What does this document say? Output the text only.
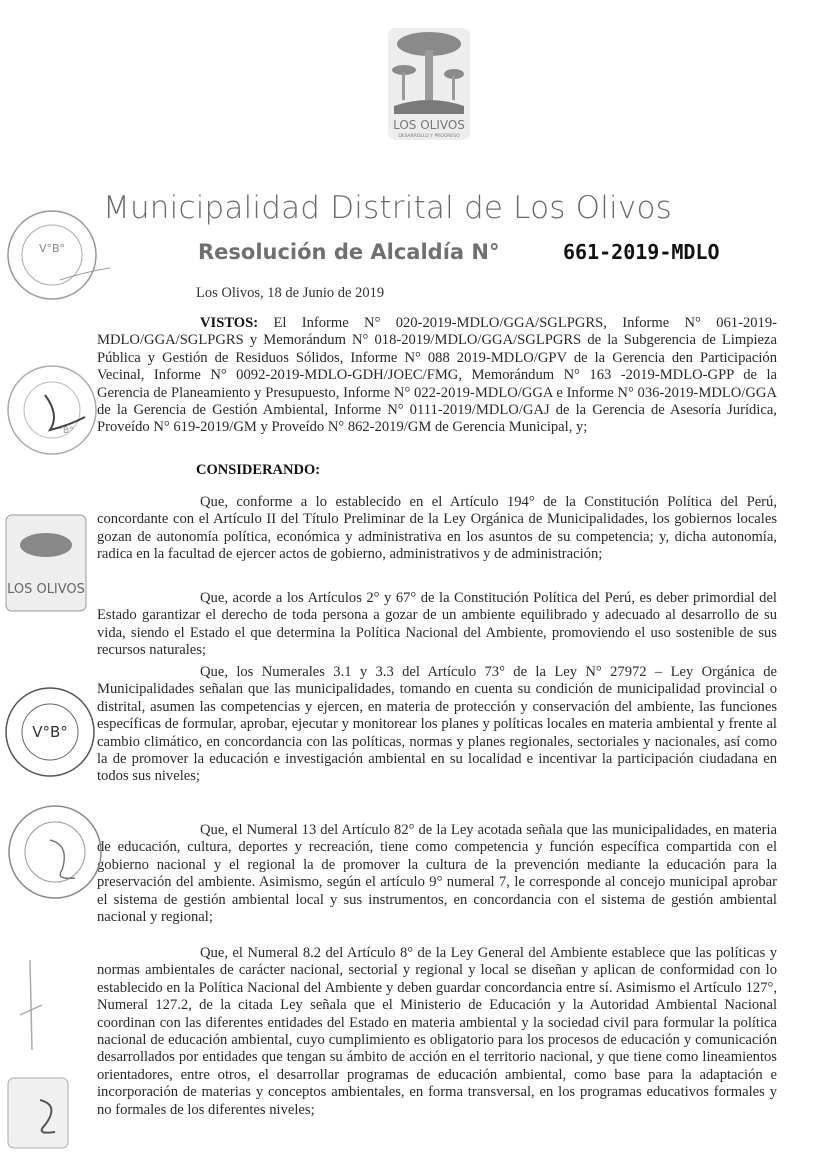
LOS OLIVOS
DESARROLLO Y PROGRESO
Municipalidad Distrital de Los Olivos
Resolución de Alcaldía N°	661-2019-MDLO
Los Olivos, 18 de Junio de 2019
VISTOS: El Informe N° 020-2019-MDLO/GGA/SGLPGRS, Informe N° 061-2019-MDLO/GGA/SGLPGRS y Memorándum N° 018-2019/MDLO/GGA/SGLPGRS de la Subgerencia de Limpieza Pública y Gestión de Residuos Sólidos, Informe N° 088 2019-MDLO/GPV de la Gerencia den Participación Vecinal, Informe N° 0092-2019-MDLO-GDH/JOEC/FMG, Memorándum N° 163 -2019-MDLO-GPP de la Gerencia de Planeamiento y Presupuesto, Informe N° 022-2019-MDLO/GGA e Informe N° 036-2019-MDLO/GGA de la Gerencia de Gestión Ambiental, Informe N° 0111-2019/MDLO/GAJ de la Gerencia de Asesoría Jurídica, Proveído N° 619-2019/GM y Proveído N° 862-2019/GM de Gerencia Municipal, y;
CONSIDERANDO:
Que, conforme a lo establecido en el Artículo 194° de la Constitución Política del Perú, concordante con el Artículo II del Título Preliminar de la Ley Orgánica de Municipalidades, los gobiernos locales gozan de autonomía política, económica y administrativa en los asuntos de su competencia; y, dicha autonomía, radica en la facultad de ejercer actos de gobierno, administrativos y de administración;
Que, acorde a los Artículos 2° y 67° de la Constitución Política del Perú, es deber primordial del Estado garantizar el derecho de toda persona a gozar de un ambiente equilibrado y adecuado al desarrollo de su vida, siendo el Estado el que determina la Política Nacional del Ambiente, promoviendo el uso sostenible de sus recursos naturales;
Que, los Numerales 3.1 y 3.3 del Artículo 73° de la Ley N° 27972 – Ley Orgánica de Municipalidades señalan que las municipalidades, tomando en cuenta su condición de municipalidad provincial o distrital, asumen las competencias y ejercen, en materia de protección y conservación del ambiente, las funciones específicas de formular, aprobar, ejecutar y monitorear los planes y políticas locales en materia ambiental y frente al cambio climático, en concordancia con las políticas, normas y planes regionales, sectoriales y nacionales, así como la de promover la educación e investigación ambiental en su localidad e incentivar la participación ciudadana en todos sus niveles;
Que, el Numeral 13 del Artículo 82° de la Ley acotada señala que las municipalidades, en materia de educación, cultura, deportes y recreación, tiene como competencia y función específica compartida con el gobierno nacional y el regional la de promover la cultura de la prevención mediante la educación para la preservación del ambiente. Asimismo, según el artículo 9° numeral 7, le corresponde al concejo municipal aprobar el sistema de gestión ambiental local y sus instrumentos, en concordancia con el sistema de gestión ambiental nacional y regional;
Que, el Numeral 8.2 del Artículo 8° de la Ley General del Ambiente establece que las políticas y normas ambientales de carácter nacional, sectorial y regional y local se diseñan y aplican de conformidad con lo establecido en la Política Nacional del Ambiente y deben guardar concordancia entre sí. Asimismo el Artículo 127°, Numeral 127.2, de la citada Ley señala que el Ministerio de Educación y la Autoridad Ambiental Nacional coordinan con las diferentes entidades del Estado en materia ambiental y la sociedad civil para formular la política nacional de educación ambiental, cuyo cumplimiento es obligatorio para los procesos de educación y comunicación desarrollados por entidades que tengan su ámbito de acción en el territorio nacional, y que tiene como lineamientos orientadores, entre otros, el desarrollar programas de educación ambiental, como base para la adaptación e incorporación de materias y conceptos ambientales, en forma transversal, en los programas educativos formales y no formales de los diferentes niveles;
V°B°
°B°
LOS OLIVOS
V°B°
